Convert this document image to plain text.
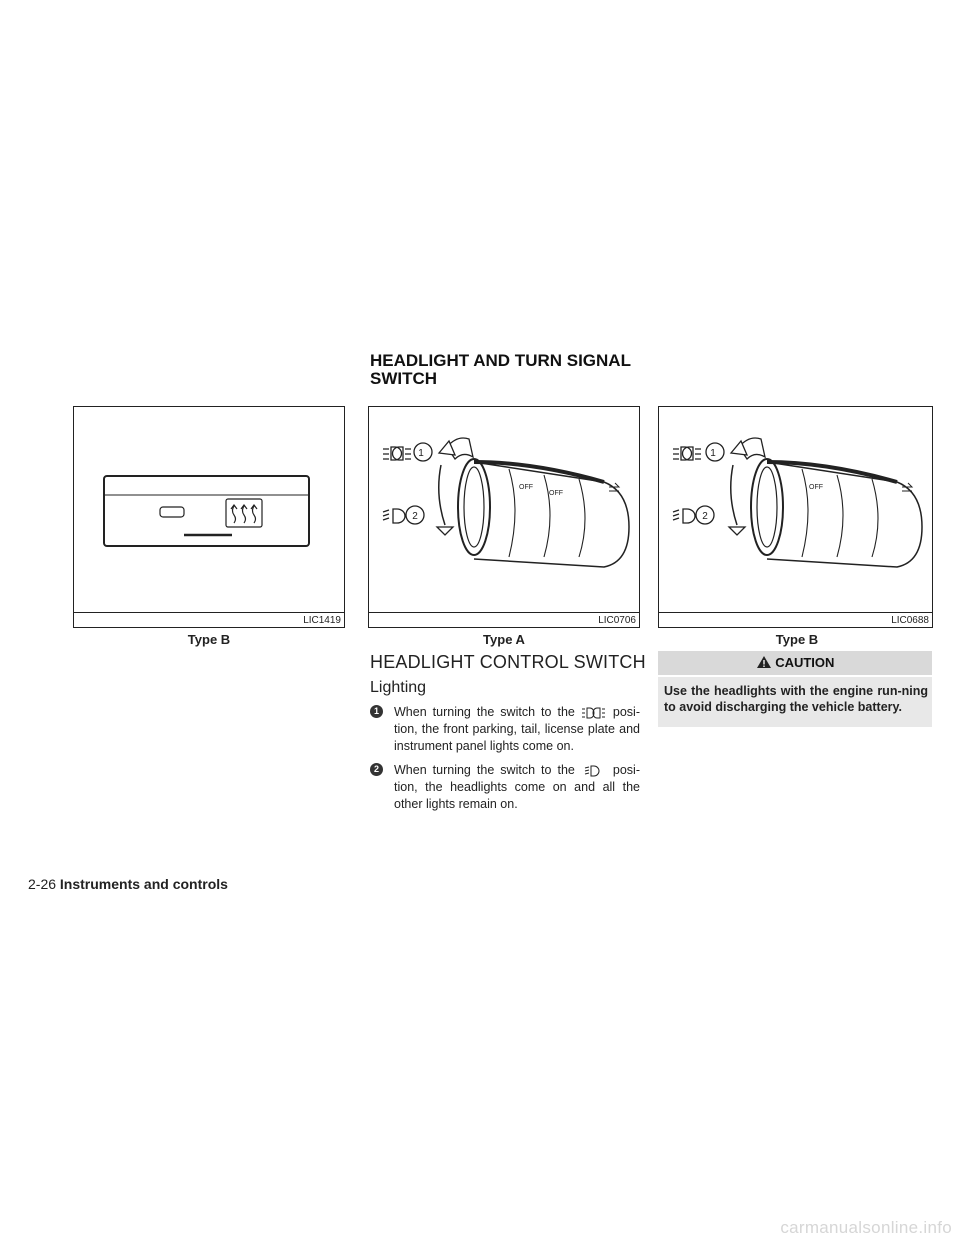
HEADLIGHT AND TURN SIGNAL SWITCH
LIC1419
Type B
1
2
OFF
OFF
LIC0706
Type A
1
2
OFF
LIC0688
Type B
HEADLIGHT CONTROL SWITCH
Lighting
1	When turning the switch to the	posi-tion, the front parking, tail, license plate and instrument panel lights come on.
2	When turning the switch to the	posi-tion, the headlights come on and all the other lights remain on.
CAUTION
Use the headlights with the engine run-ning to avoid discharging the vehicle battery.
2-26 Instruments and controls
carmanualsonline.info
